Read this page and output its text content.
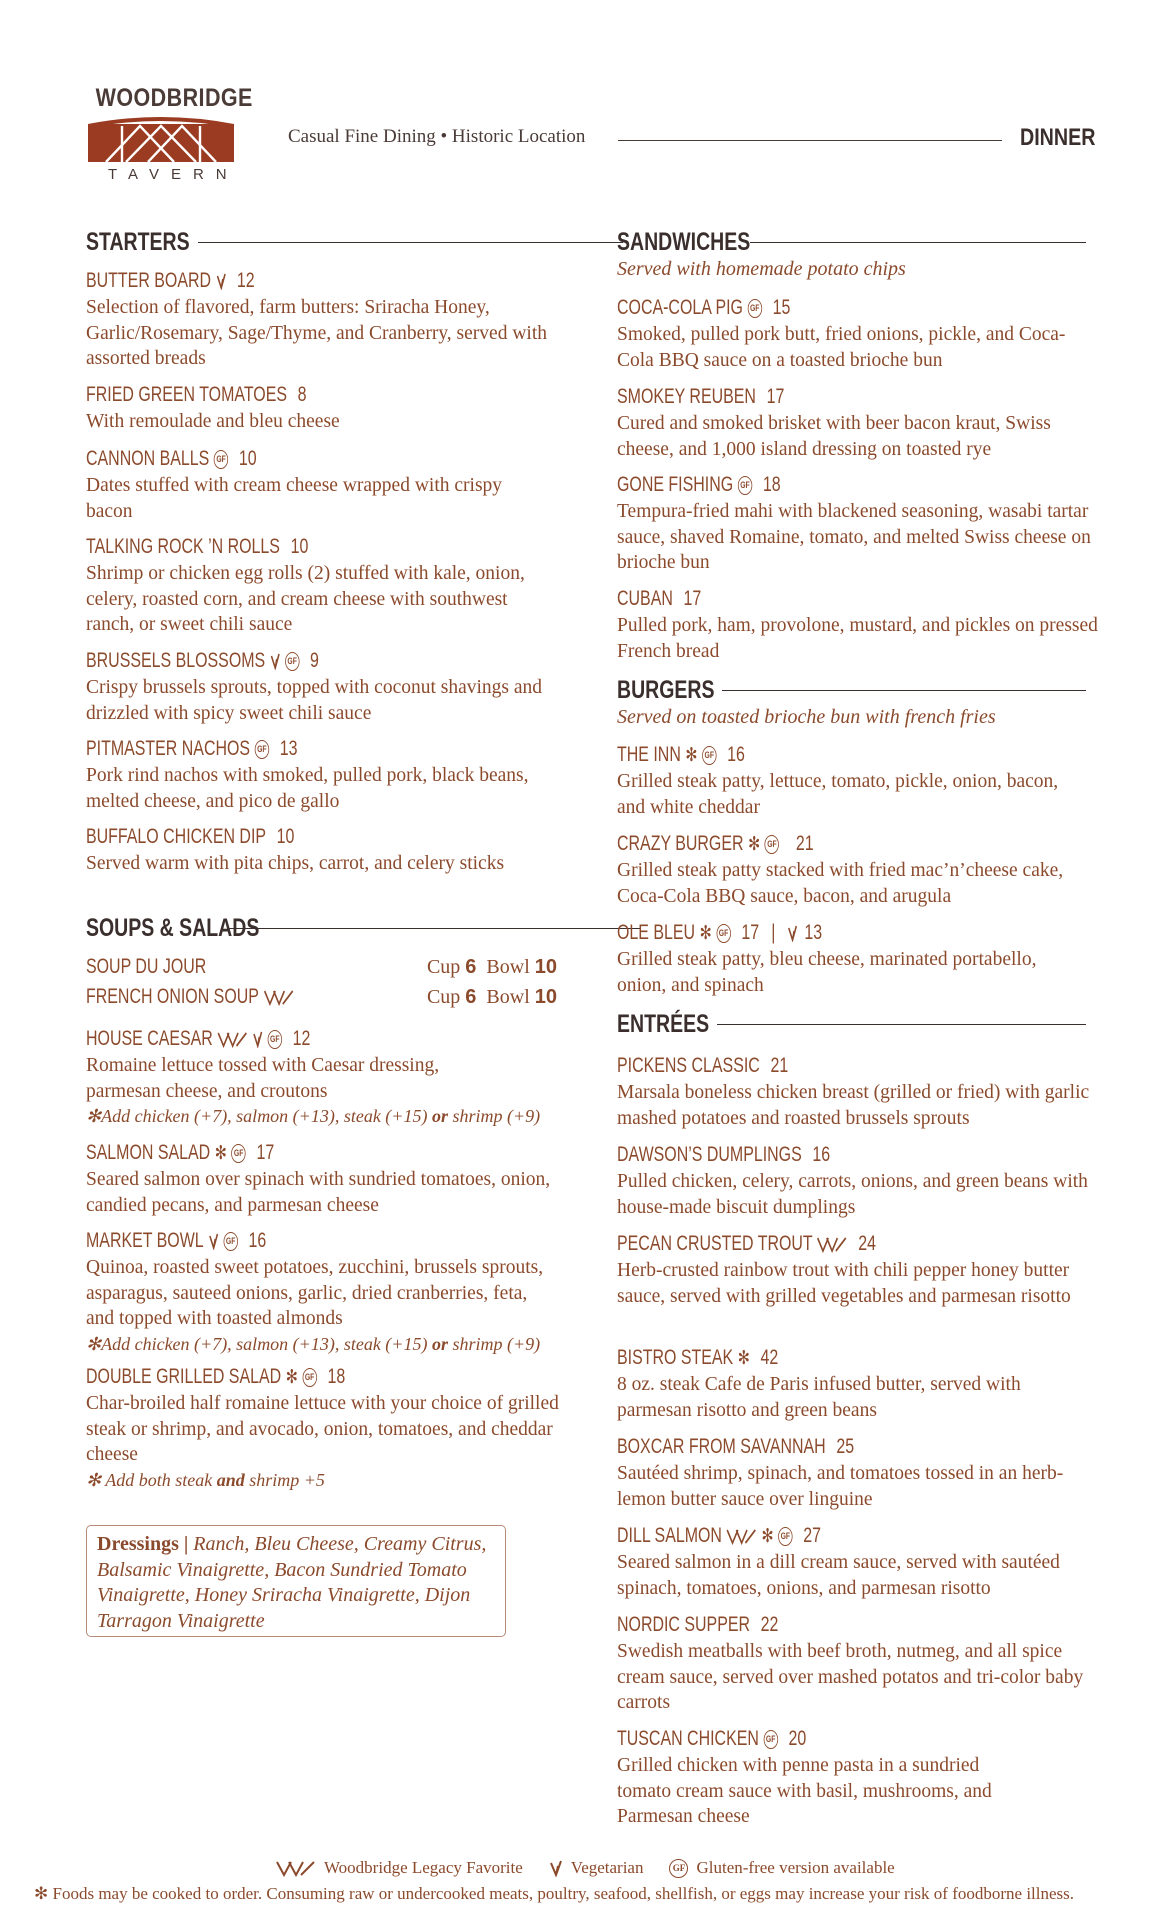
WOODBRIDGE
TAVERN
Casual Fine Dining • Historic Location	DINNER
STARTERS
BUTTER BOARD 12
Selection of flavored, farm butters: Sriracha Honey, Garlic/Rosemary, Sage/Thyme, and Cranberry, served with assorted breads
FRIED GREEN TOMATOES 8
With remoulade and bleu cheese
CANNON BALLS GF 10
Dates stuffed with cream cheese wrapped with crispy bacon
TALKING ROCK ’N ROLLS 10
Shrimp or chicken egg rolls (2) stuffed with kale, onion, celery, roasted corn, and cream cheese with southwest ranch, or sweet chili sauce
BRUSSELS BLOSSOMS GF 9
Crispy brussels sprouts, topped with coconut shavings and drizzled with spicy sweet chili sauce
PITMASTER NACHOS GF 13
Pork rind nachos with smoked, pulled pork, black beans, melted cheese, and pico de gallo
BUFFALO CHICKEN DIP 10
Served warm with pita chips, carrot, and celery sticks
SOUPS & SALADS
SOUP DU JOUR	Cup 6 Bowl 10
FRENCH ONION SOUP	Cup 6 Bowl 10
HOUSE CAESAR	GF 12
Romaine lettuce tossed with Caesar dressing, parmesan cheese, and croutons
✻Add chicken (+7), salmon (+13), steak (+15) or shrimp (+9)
SALMON SALAD ✻ GF 17
Seared salmon over spinach with sundried tomatoes, onion, candied pecans, and parmesan cheese
MARKET BOWL GF 16
Quinoa, roasted sweet potatoes, zucchini, brussels sprouts, asparagus, sauteed onions, garlic, dried cranberries, feta, and topped with toasted almonds
✻Add chicken (+7), salmon (+13), steak (+15) or shrimp (+9)
DOUBLE GRILLED SALAD ✻ GF 18
Char-broiled half romaine lettuce with your choice of grilled steak or shrimp, and avocado, onion, tomatoes, and cheddar cheese
✻ Add both steak and shrimp +5
Dressings | Ranch, Bleu Cheese, Creamy Citrus, Balsamic Vinaigrette, Bacon Sundried Tomato Vinaigrette, Honey Sriracha Vinaigrette, Dijon Tarragon Vinaigrette
SANDWICHES
Served with homemade potato chips
COCA-COLA PIG GF 15
Smoked, pulled pork butt, fried onions, pickle, and Coca-Cola BBQ sauce on a toasted brioche bun
SMOKEY REUBEN 17
Cured and smoked brisket with beer bacon kraut, Swiss cheese, and 1,000 island dressing on toasted rye
GONE FISHING GF 18
Tempura-fried mahi with blackened seasoning, wasabi tartar sauce, shaved Romaine, tomato, and melted Swiss cheese on brioche bun
CUBAN 17
Pulled pork, ham, provolone, mustard, and pickles on pressed French bread
BURGERS
Served on toasted brioche bun with french fries
THE INN ✻ GF 16
Grilled steak patty, lettuce, tomato, pickle, onion, bacon, and white cheddar
CRAZY BURGER ✻ GF 21
Grilled steak patty stacked with fried mac’n’cheese cake, Coca-Cola BBQ sauce, bacon, and arugula
OLE BLEU ✻ GF 17 | 13
Grilled steak patty, bleu cheese, marinated portabello, onion, and spinach
ENTRÉES
PICKENS CLASSIC 21
Marsala boneless chicken breast (grilled or fried) with garlic mashed potatoes and roasted brussels sprouts
DAWSON’S DUMPLINGS 16
Pulled chicken, celery, carrots, onions, and green beans with house-made biscuit dumplings
PECAN CRUSTED TROUT 24
Herb-crusted rainbow trout with chili pepper honey butter sauce, served with grilled vegetables and parmesan risotto
BISTRO STEAK ✻ 42
8 oz. steak Cafe de Paris infused butter, served with parmesan risotto and green beans
BOXCAR FROM SAVANNAH 25
Sautéed shrimp, spinach, and tomatoes tossed in an herb-lemon butter sauce over linguine
DILL SALMON ✻ GF 27
Seared salmon in a dill cream sauce, served with sautéed spinach, tomatoes, onions, and parmesan risotto
NORDIC SUPPER 22
Swedish meatballs with beef broth, nutmeg, and all spice cream sauce, served over mashed potatos and tri-color baby carrots
TUSCAN CHICKEN GF 20
Grilled chicken with penne pasta in a sundried tomato cream sauce with basil, mushrooms, and Parmesan cheese
Woodbridge Legacy Favorite	Vegetarian	GF Gluten-free version available
✻ Foods may be cooked to order. Consuming raw or undercooked meats, poultry, seafood, shellfish, or eggs may increase your risk of foodborne illness.
